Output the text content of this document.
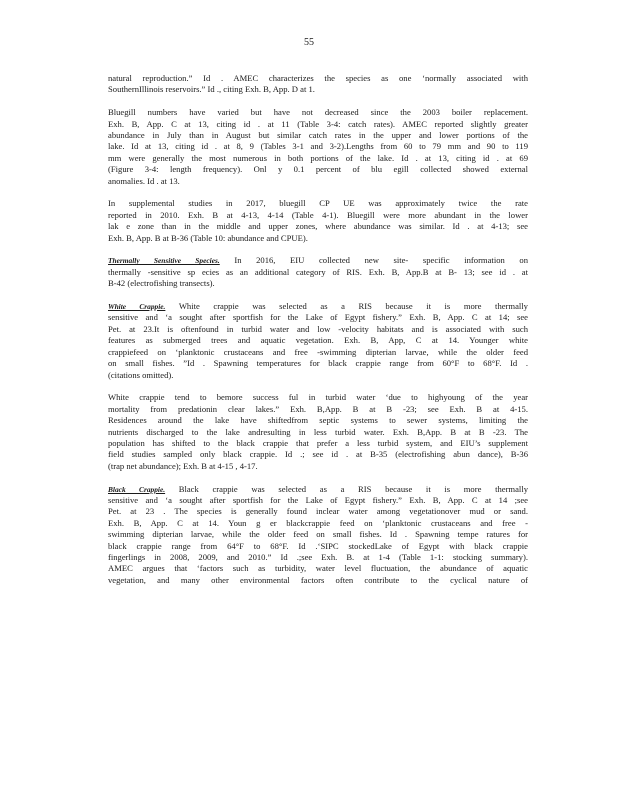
55
natural reproduction.” Id . AMEC characterizes the species as one ‘normally associated with
SouthernIllinois reservoirs.” Id ., citing Exh. B, App. D at 1.
Bluegill numbers have varied but have not decreased since the 2003 boiler replacement.
Exh. B, App. C at 13, citing id . at 11 (Table 3-4: catch rates). AMEC reported slightly greater
abundance in July than in August but similar catch rates in the upper and lower portions of the
lake. Id at 13, citing id . at 8, 9 (Tables 3-1 and 3-2).Lengths from 60 to 79 mm and 90 to 119
mm were generally the most numerous in both portions of the lake. Id . at 13, citing id . at 69
(Figure 3-4: length frequency). Onl y 0.1 percent of blu egill collected showed external
anomalies. Id . at 13.
In supplemental studies in 2017, bluegill CP UE was approximately twice the rate
reported in 2010. Exh. B at 4-13, 4-14 (Table 4-1). Bluegill were more abundant in the lower
lak e zone than in the middle and upper zones, where abundance was similar. Id . at 4-13; see
Exh. B, App. B at B-36 (Table 10: abundance and CPUE).
Thermally Sensitive Species. In 2016, EIU collected new site- specific information on
thermally -sensitive sp ecies as an additional category of RIS. Exh. B, App.B at B- 13; see id . at
B-42 (electrofishing transects).
White Crappie. White crappie was selected as a RIS because it is more thermally
sensitive and ‘a sought after sportfish for the Lake of Egypt fishery.” Exh. B, App. C at 14; see
Pet. at 23.It is oftenfound in turbid water and low -velocity habitats and is associated with such
features as submerged trees and aquatic vegetation. Exh. B, App, C at 14. Younger white
crappiefeed on ‘planktonic crustaceans and free -swimming dipterian larvae, while the older feed
on small fishes. ”Id . Spawning temperatures for black crappie range from 60°F to 68°F. Id .
(citations omitted).
White crappie tend to bemore success ful in turbid water ‘due to highyoung of the year
mortality from predationin clear lakes.” Exh. B,App. B at B -23; see Exh. B at 4-15.
Residences around the lake have shiftedfrom septic systems to sewer systems, limiting the
nutrients discharged to the lake andresulting in less turbid water. Exh. B,App. B at B -23. The
population has shifted to the black crappie that prefer a less turbid system, and EIU’s supplement
field studies sampled only black crappie. Id .; see id . at B-35 (electrofishing abun dance), B-36
(trap net abundance); Exh. B at 4-15 , 4-17.
Black Crappie. Black crappie was selected as a RIS because it is more thermally
sensitive and ‘a sought after sportfish for the Lake of Egypt fishery.” Exh. B, App. C at 14 ;see
Pet. at 23 . The species is generally found inclear water among vegetationover mud or sand.
Exh. B, App. C at 14. Youn g er blackcrappie feed on ‘planktonic crustaceans and free -
swimming dipterian larvae, while the older feed on small fishes. Id . Spawning tempe ratures for
black crappie range from 64°F to 68°F. Id .‘SIPC stockedLake of Egypt with black crappie
fingerlings in 2008, 2009, and 2010.” Id .;see Exh. B. at 1-4 (Table 1-1: stocking summary).
AMEC argues that ‘factors such as turbidity, water level fluctuation, the abundance of aquatic
vegetation, and many other environmental factors often contribute to the cyclical nature of
